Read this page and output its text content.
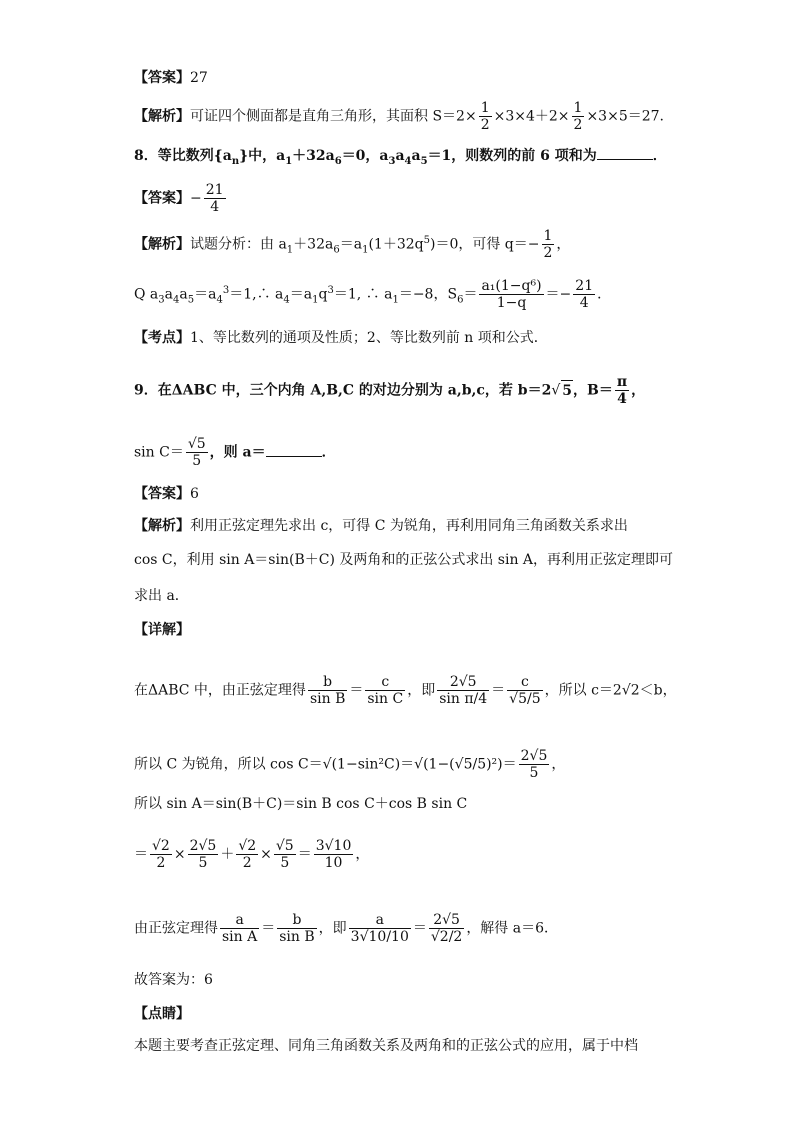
【答案】27
【解析】可证四个侧面都是直角三角形，其面积 $S=2\times \frac{1}{2} \times 3\times 4+2\times \frac{1}{2} \times 3\times 5=27$.
8．等比数列$\{a_n\}$中，$a_1+32a_6=0$，$a_3a_4a_5=1$，则数列的前 6 项和为	．
【答案】− $\frac{21}{4}$
【解析】试题分析：由 $a_1+32a_6=a_1(1+32q^5)=0$，可得 $q=- \frac{1}{2}$ ，
Q $a_3a_4a_5=a_4^3=1,\therefore$ $a_4=a_1q^3=1$, ∴ $a_1=-8$，$S_6= \frac{\text{a₁(1−q⁶)}}{1-q} =- \frac{21}{4}$ ．
【考点】1、等比数列的通项及性质；2、等比数列前 n 项和公式．
9．在ΔABC 中，三个内角 A,B,C 的对边分别为 a,b,c，若 b＝2√ 5，$B= \frac{\pi}{4}$ ，
$\sin C= \frac{√5}{5}$ ，则 a＝	．
【答案】6
【解析】利用正弦定理先求出 c，可得 C 为锐角，再利用同角三角函数关系求出
cos C，利用 sin A＝sin(B＋C) 及两角和的正弦公式求出 sin A，再利用正弦定理即可
求出 a．
【详解】
在ΔABC 中，由正弦定理得 $\frac{b}{\text{sin B}} = \frac{c}{\text{sin C}}$ ，即 $\frac{2√5}{\text{sin π/4}} = \frac{c}{√5/5}$ ，所以 c＝2√2＜b，
所以 C 为锐角，所以 $\cos C=√(1-\sin^2C)=√(1-(√5/5)^2)= \frac{2√5}{5}$ ，
所以 sin A＝sin(B＋C)＝sin B cos C＋cos B sin C
＝ $\frac{√2}{2} \times \frac{2√5}{5} + \frac{√2}{2} \times \frac{√5}{5} = \frac{3√10}{10}$ ，
由正弦定理得 $\frac{a}{\text{sin A}} = \frac{b}{\text{sin B}}$ ，即 $\frac{a}{3√10/10} = \frac{2√5}{√2/2}$ ，解得 a＝6．
故答案为：6
【点睛】
本题主要考查正弦定理、同角三角函数关系及两角和的正弦公式的应用，属于中档
